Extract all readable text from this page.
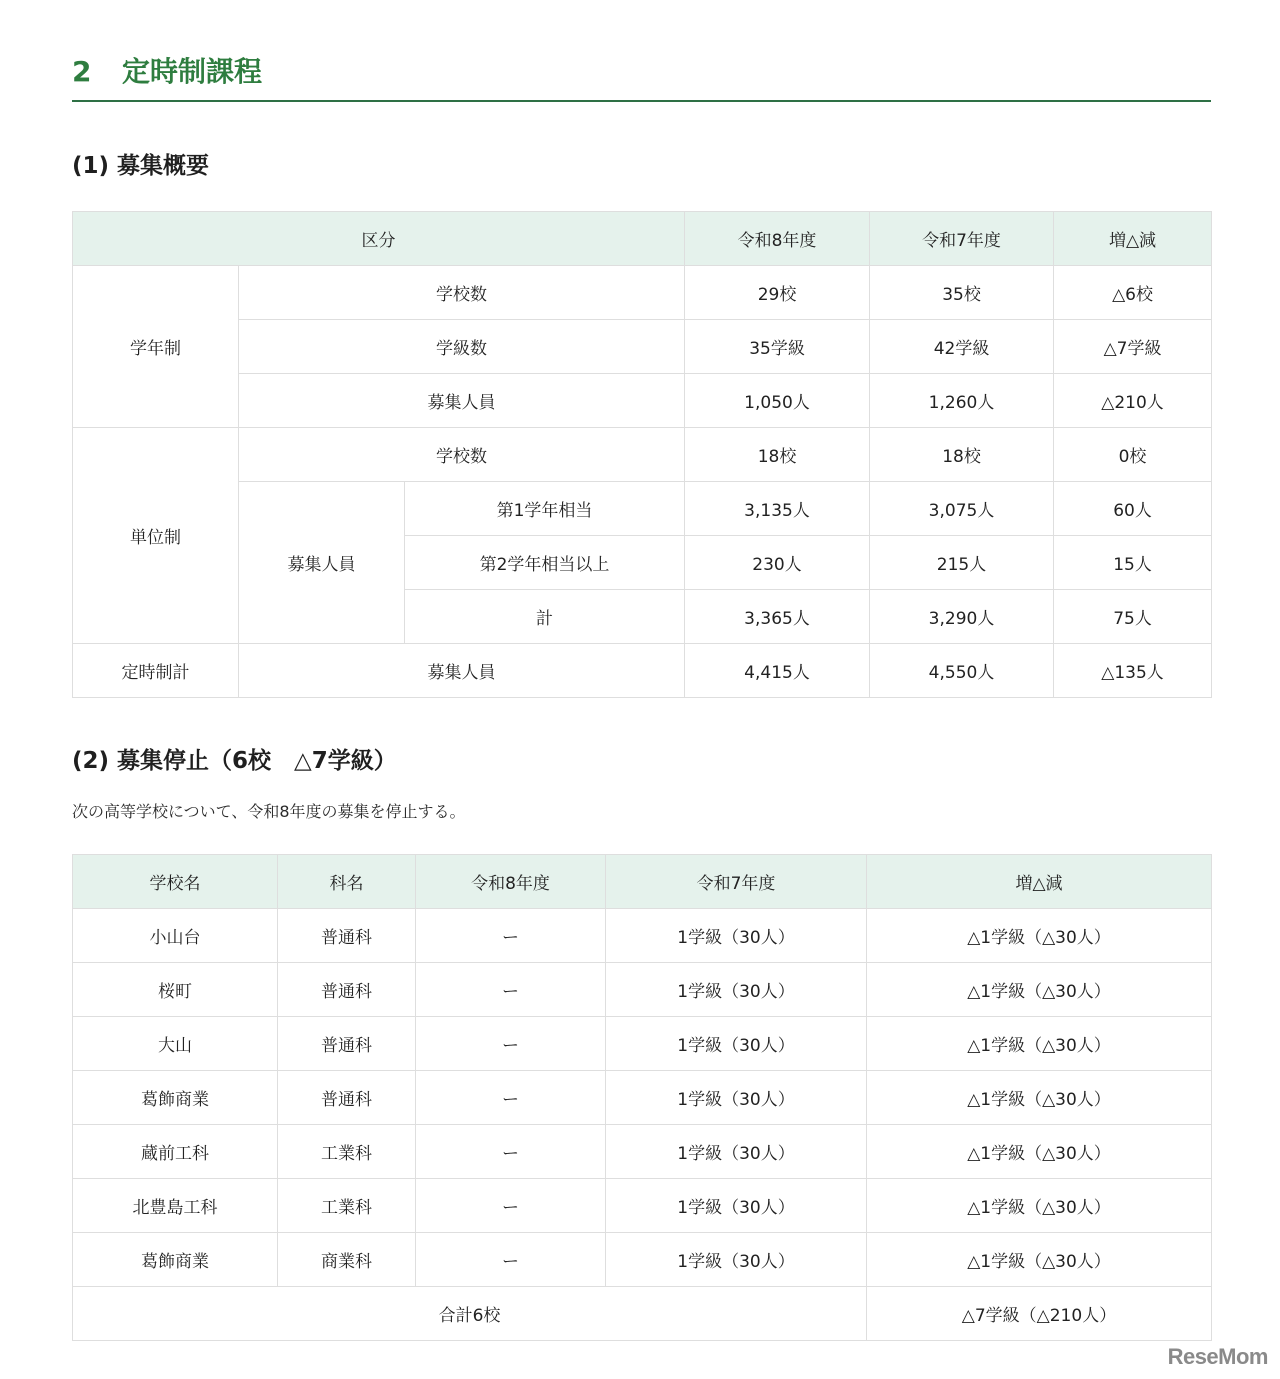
2	定時制課程
(1) 募集概要
区分			令和8年度	令和7年度	増△減
学年制	学校数		29校	35校	△6校
	学級数		35学級	42学級	△7学級
	募集人員		1,050人	1,260人	△210人
単位制	学校数		18校	18校	0校
	募集人員	第1学年相当	3,135人	3,075人	60人
		第2学年相当以上	230人	215人	15人
		計	3,365人	3,290人	75人
定時制計	募集人員		4,415人	4,550人	△135人
(2) 募集停止（6校　△7学級）

次の高等学校について、令和8年度の募集を停止する。

学校名	科名	令和8年度	令和7年度	増△減
小山台	普通科	ー	1学級（30人）	△1学級（△30人）
桜町	普通科	ー	1学級（30人）	△1学級（△30人）
大山	普通科	ー	1学級（30人）	△1学級（△30人）
葛飾商業	普通科	ー	1学級（30人）	△1学級（△30人）
蔵前工科	工業科	ー	1学級（30人）	△1学級（△30人）
北豊島工科	工業科	ー	1学級（30人）	△1学級（△30人）
葛飾商業	商業科	ー	1学級（30人）	△1学級（△30人）
合計6校				△7学級（△210人）
ReseMom
